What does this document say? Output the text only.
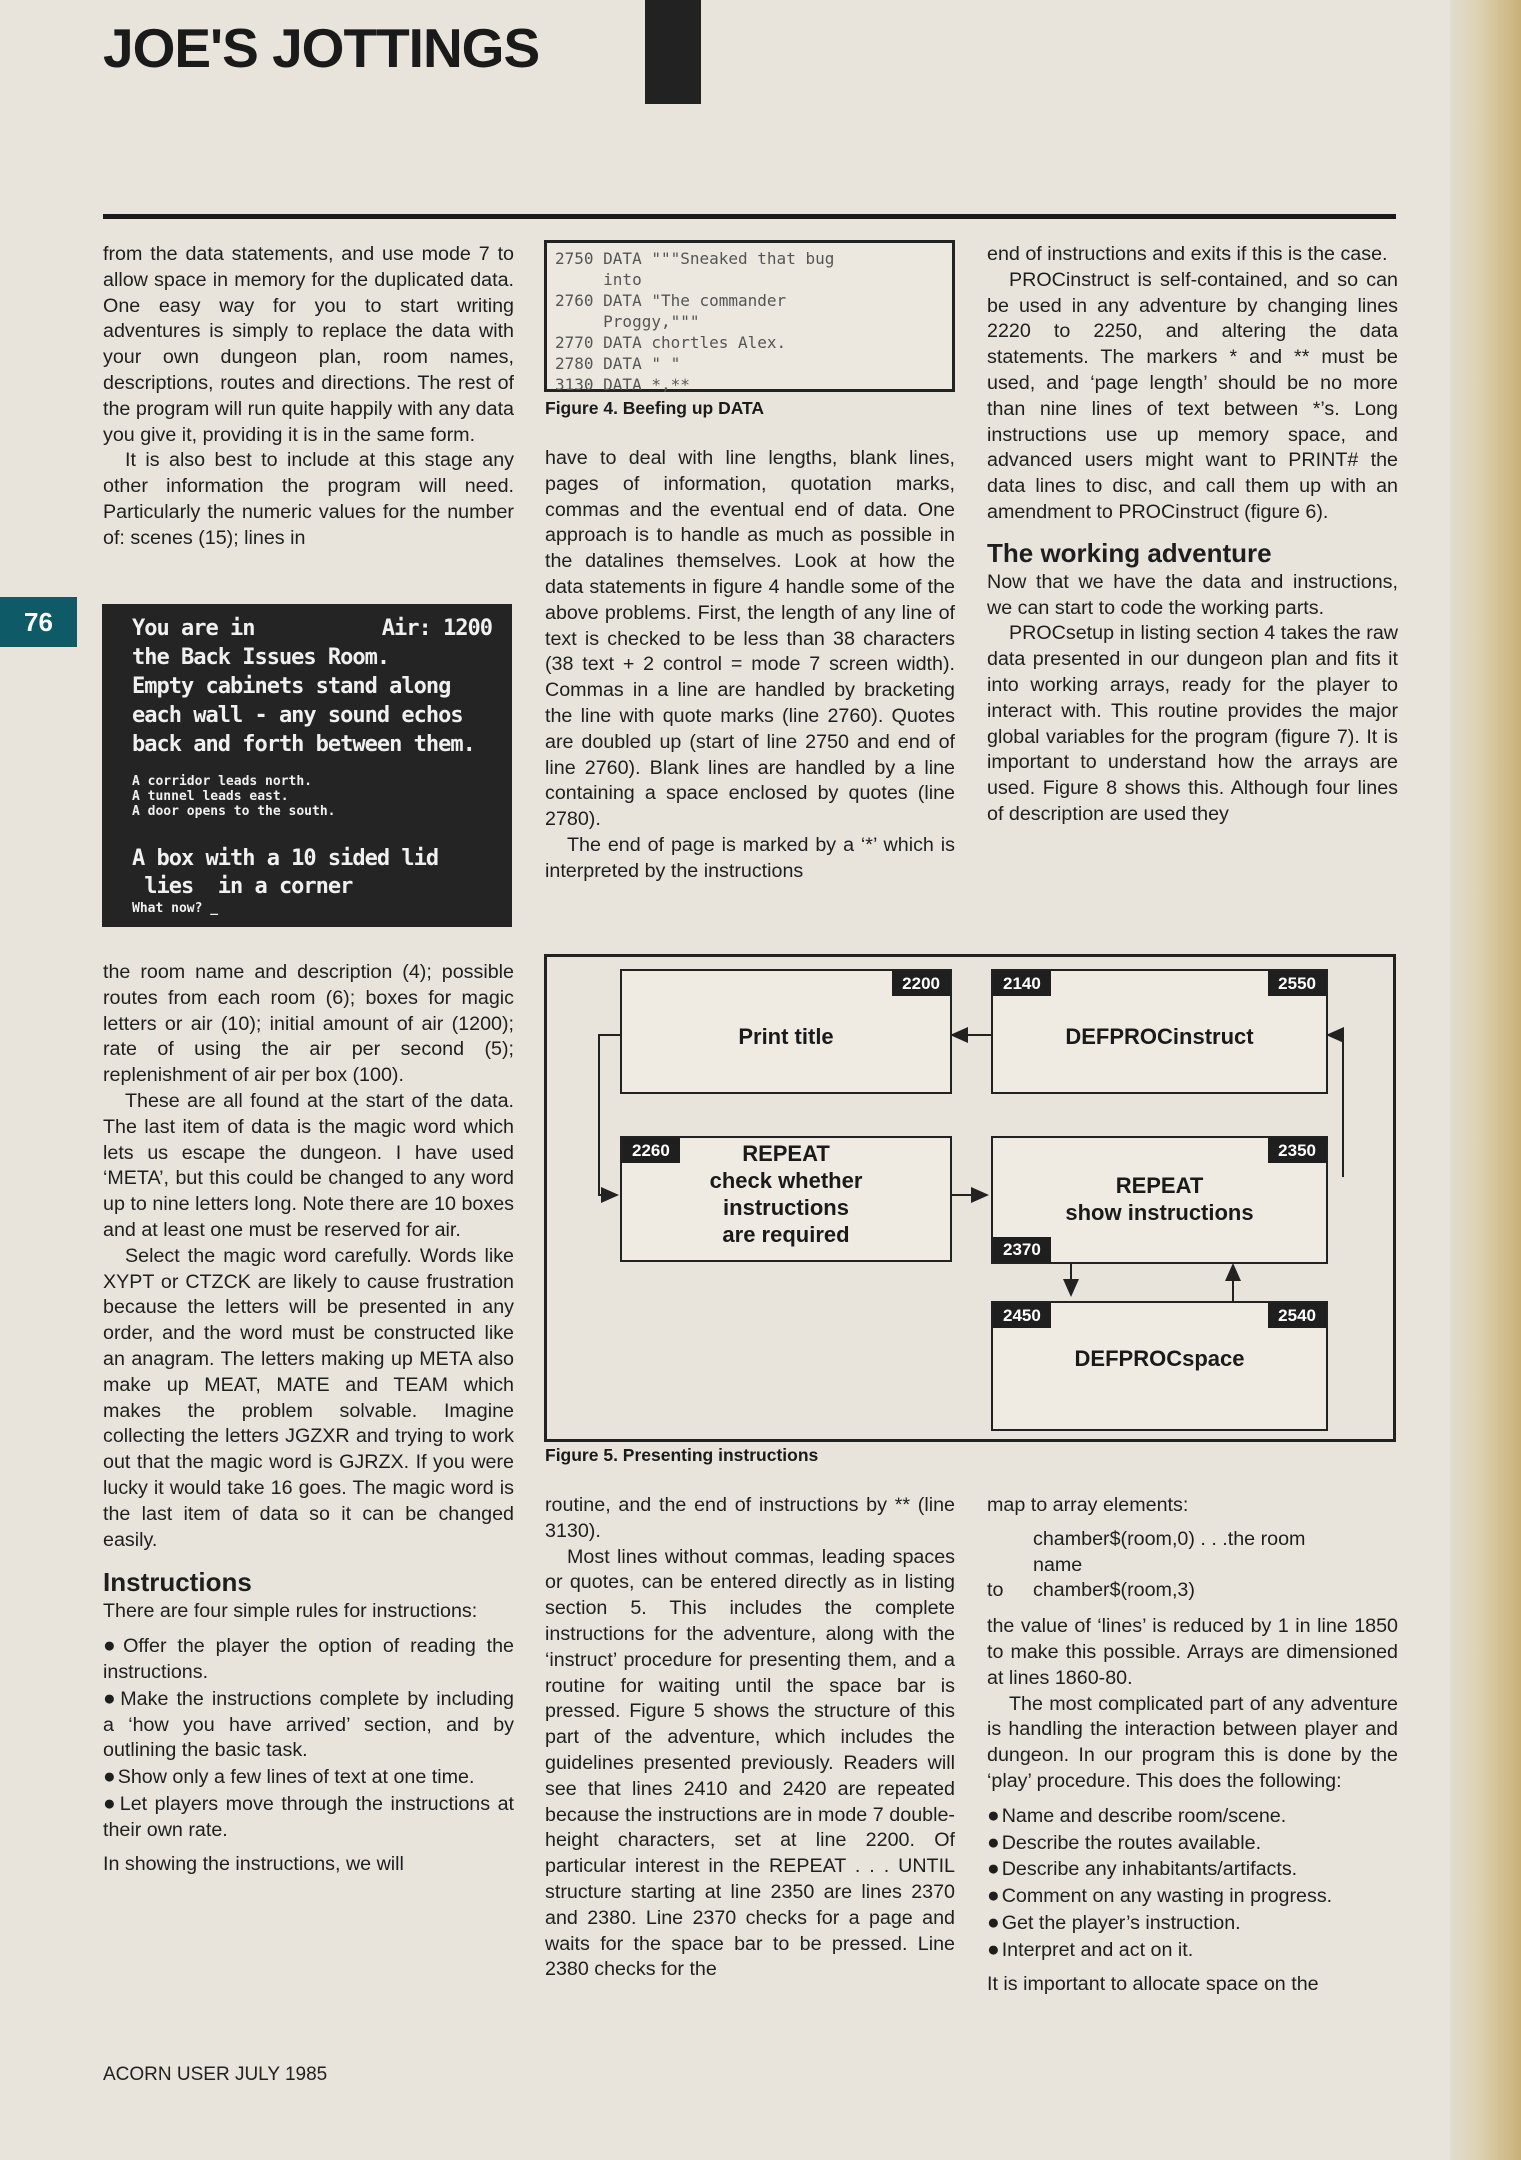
JOE'S JOTTINGS
76

from the data statements, and use mode 7 to allow space in memory for the duplicated data. One easy way for you to start writing adventures is simply to replace the data with your own dungeon plan, room names, descriptions, routes and directions. The rest of the program will run quite happily with any data you give it, providing it is in the same form.

It is also best to include at this stage any other information the program will need. Particularly the numeric values for the number of: scenes (15); lines in

You are in	Air: 1200
the Back Issues Room.
Empty cabinets stand along
each wall - any sound echos
back and forth between them.
A corridor leads north.
A tunnel leads east.
A door opens to the south.
A box with a 10 sided lid
lies  in a corner
What now? _

the room name and description (4); possible routes from each room (6); boxes for magic letters or air (10); initial amount of air (1200); rate of using the air per second (5); replenishment of air per box (100).

These are all found at the start of the data. The last item of data is the magic word which lets us escape the dungeon. I have used ‘META’, but this could be changed to any word up to nine letters long. Note there are 10 boxes and at least one must be reserved for air.

Select the magic word carefully. Words like XYPT or CTZCK are likely to cause frustration because the letters will be presented in any order, and the word must be constructed like an anagram. The letters making up META also make up MEAT, MATE and TEAM which makes the problem solvable. Imagine collecting the letters JGZXR and trying to work out that the magic word is GJRZX. If you were lucky it would take 16 goes. The magic word is the last item of data so it can be changed easily.

Instructions

There are four simple rules for instructions:

● Offer the player the option of reading the instructions.
● Make the instructions complete by including a ‘how you have arrived’ section, and by outlining the basic task.
● Show only a few lines of text at one time.
● Let players move through the instructions at their own rate.

In showing the instructions, we will

2750 DATA """Sneaked that bug
into
2760 DATA "The commander
Proggy,"""
2770 DATA chortles Alex.
2780 DATA " "
3130 DATA *,**
Figure 4. Beefing up DATA

have to deal with line lengths, blank lines, pages of information, quotation marks, commas and the eventual end of data. One approach is to handle as much as possible in the datalines themselves. Look at how the data statements in figure 4 handle some of the above problems. First, the length of any line of text is checked to be less than 38 characters (38 text + 2 control = mode 7 screen width). Commas in a line are handled by bracketing the line with quote marks (line 2760). Quotes are doubled up (start of line 2750 and end of line 2760). Blank lines are handled by a line containing a space enclosed by quotes (line 2780).

The end of page is marked by a ‘*’ which is interpreted by the instructions

end of instructions and exits if this is the case.

PROCinstruct is self-contained, and so can be used in any adventure by changing lines 2220 to 2250, and altering the data statements. The markers * and ** must be used, and ‘page length’ should be no more than nine lines of text between *’s. Long instructions use up memory space, and advanced users might want to PRINT# the data lines to disc, and call them up with an amendment to PROCinstruct (figure 6).

The working adventure

Now that we have the data and instructions, we can start to code the working parts.

PROCsetup in listing section 4 takes the raw data presented in our dungeon plan and fits it into working arrays, ready for the player to interact with. This routine provides the major global variables for the program (figure 7). It is important to understand how the arrays are used. Figure 8 shows this. Although four lines of description are used they

2200
Print title
2140	2550
DEFPROCinstruct
2260	REPEAT
check whether
instructions
are required
2350
REPEAT
show instructions
2370
2450	2540
DEFPROCspace
Figure 5. Presenting instructions

routine, and the end of instructions by ** (line 3130).

Most lines without commas, leading spaces or quotes, can be entered directly as in listing section 5. This includes the complete instructions for the adventure, along with the ‘instruct’ procedure for presenting them, and a routine for waiting until the space bar is pressed. Figure 5 shows the structure of this part of the adventure, which includes the guidelines presented previously. Readers will see that lines 2410 and 2420 are repeated because the instructions are in mode 7 double-height characters, set at line 2200. Of particular interest in the REPEAT . . . UNTIL structure starting at line 2350 are lines 2370 and 2380. Line 2370 checks for a page and waits for the space bar to be pressed. Line 2380 checks for the

map to array elements:

chamber$(room,0) . . .the room
name
to chamber$(room,3)

the value of ‘lines’ is reduced by 1 in line 1850 to make this possible. Arrays are dimensioned at lines 1860-80.

The most complicated part of any adventure is handling the interaction between player and dungeon. In our program this is done by the ‘play’ procedure. This does the following:

● Name and describe room/scene.
● Describe the routes available.
● Describe any inhabitants/artifacts.
● Comment on any wasting in progress.
● Get the player’s instruction.
● Interpret and act on it.

It is important to allocate space on the

ACORN USER JULY 1985
